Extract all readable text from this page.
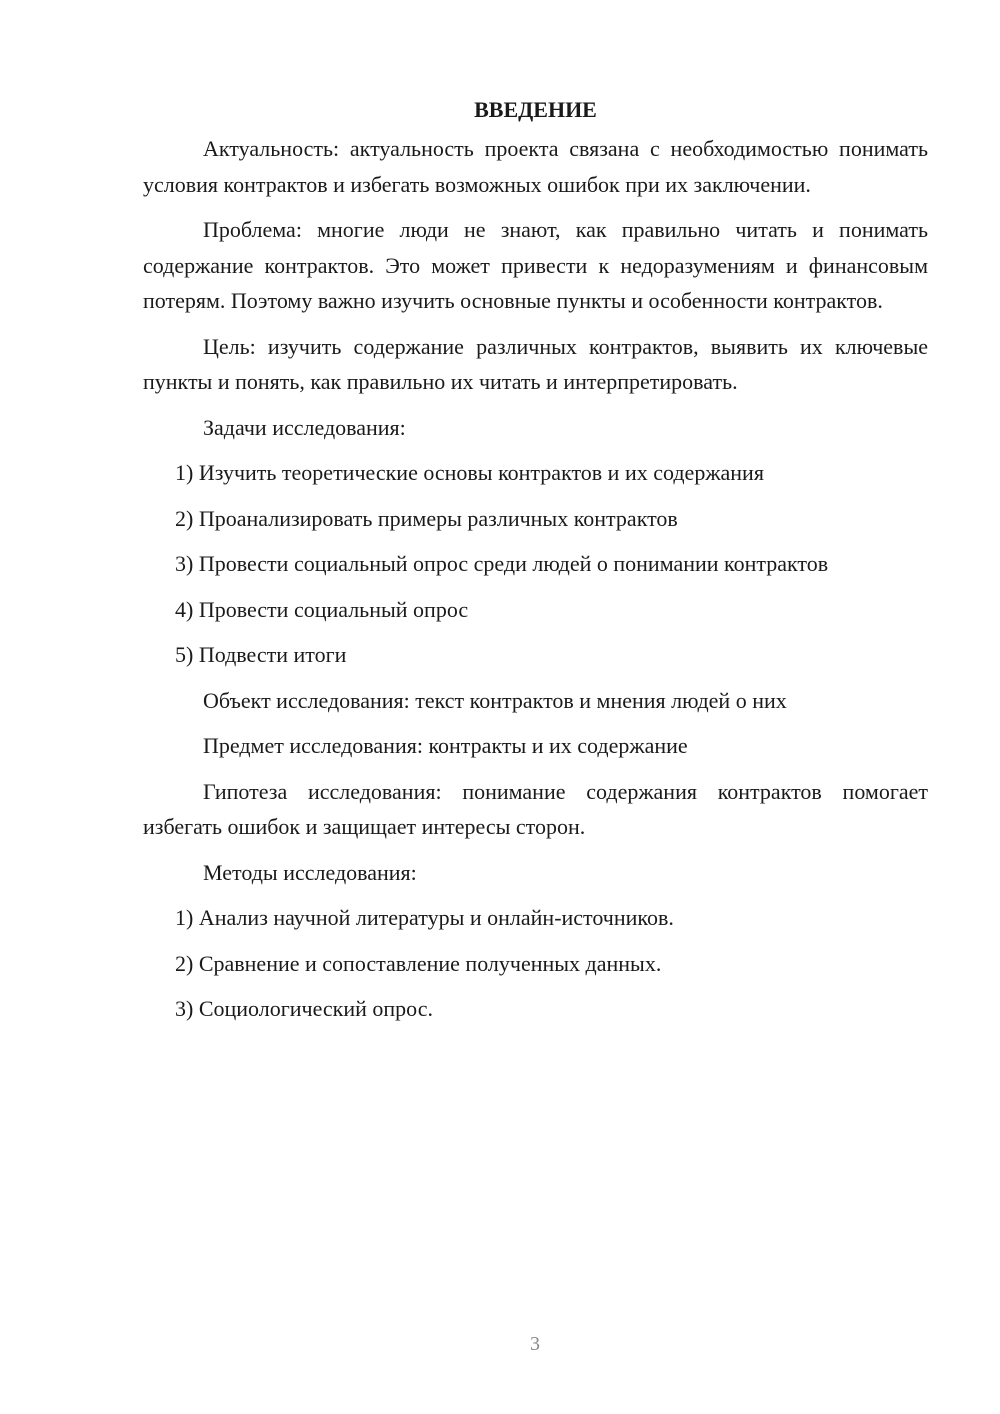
ВВЕДЕНИЕ

Актуальность: актуальность проекта связана с необходимостью понимать условия контрактов и избегать возможных ошибок при их заключении.

Проблема: многие люди не знают, как правильно читать и понимать содержание контрактов. Это может привести к недоразумениям и финансовым потерям. Поэтому важно изучить основные пункты и особенности контрактов.

Цель: изучить содержание различных контрактов, выявить их ключевые пункты и понять, как правильно их читать и интерпретировать.

Задачи исследования:
1) Изучить теоретические основы контрактов и их содержания
2) Проанализировать примеры различных контрактов
3) Провести социальный опрос среди людей о понимании контрактов
4) Провести социальный опрос
5) Подвести итоги
Объект исследования: текст контрактов и мнения людей о них
Предмет исследования: контракты и их содержание

Гипотеза исследования: понимание содержания контрактов помогает избегать ошибок и защищает интересы сторон.

Методы исследования:
1) Анализ научной литературы и онлайн-источников.
2) Сравнение и сопоставление полученных данных.
3) Социологический опрос.
3
